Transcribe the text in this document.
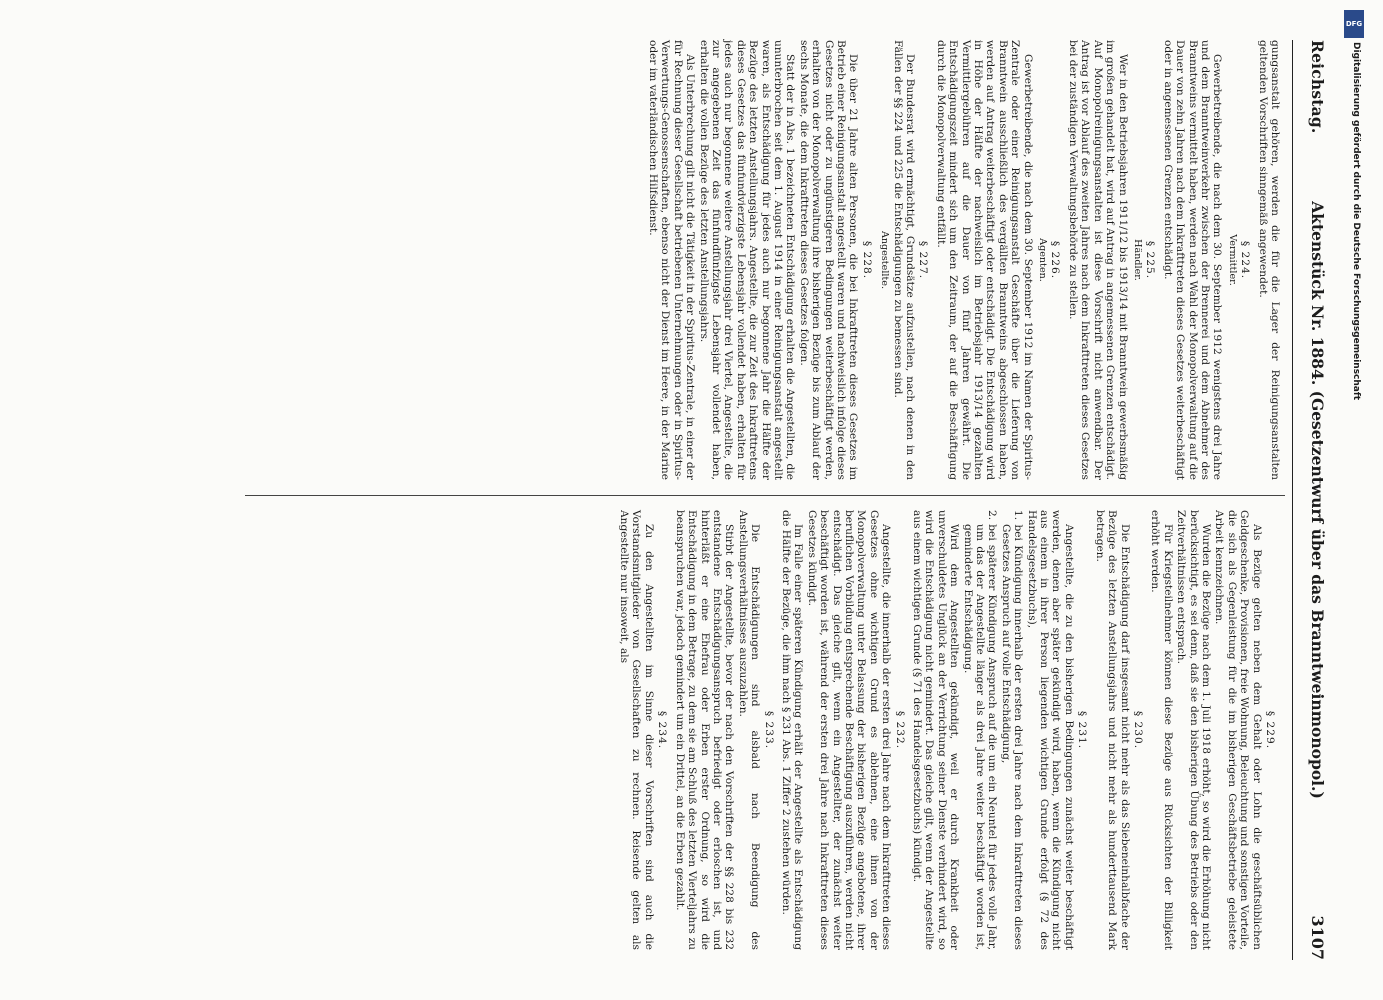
Reichstag.
Aktenstück Nr. 1884. (Gesetzentwurf über das Branntweinmonopol.)
3107

gungsanstalt gehören, werden die für die Lager der Reinigungsanstalten geltenden Vorschriften sinngemäß angewendet.

§ 224.
Vermittler.

Gewerbetreibende, die nach dem 30. September 1912 wenigstens drei Jahre und dem Branntweinverkehr zwischen der Brennerei und dem Abnehmer des Branntweins vermittelt haben, werden nach Wahl der Monopolverwaltung auf die Dauer von zehn Jahren nach dem Inkrafttreten dieses Gesetzes weiterbeschäftigt oder in angemessenen Grenzen entschädigt.

§ 225.
Händler.

Wer in den Betriebsjahren 1911/12 bis 1913/14 mit Branntwein gewerbsmäßig im großen gehandelt hat, wird auf Antrag in angemessenen Grenzen entschädigt. Auf Monopolreinigungsanstalten ist diese Vorschrift nicht anwendbar. Der Antrag ist vor Ablauf des zweiten Jahres nach dem Inkrafttreten dieses Gesetzes bei der zuständigen Verwaltungsbehörde zu stellen.

§ 226.
Agenten.

Gewerbetreibende, die nach dem 30. September 1912 im Namen der Spiritus-Zentrale oder einer Reinigungsanstalt Geschäfte über die Lieferung von Branntwein ausschließlich des vergällten Branntweins abgeschlossen haben, werden auf Antrag weiterbeschäftigt oder entschädigt. Die Entschädigung wird in Höhe der Hälfte der nachweislich im Betriebsjahr 1913/14 gezahlten Vermittlergebühren auf die Dauer von fünf Jahren gewährt. Die Entschädigungszeit mindert sich um den Zeitraum, der auf die Beschäftigung durch die Monopolverwaltung entfällt.

§ 227.

Der Bundesrat wird ermächtigt, Grundsätze aufzustellen, nach denen in den Fällen der §§ 224 und 225 die Entschädigungen zu bemessen sind.

Angestellte.
§ 228.

Die über 21 Jahre alten Personen, die bei Inkrafttreten dieses Gesetzes im Betrieb einer Reinigungsanstalt angestellt waren und nachweislich infolge dieses Gesetzes nicht oder zu ungünstigeren Bedingungen weiterbeschäftigt werden, erhalten von der Monopolverwaltung ihre bisherigen Bezüge bis zum Ablauf der sechs Monate, die dem Inkrafttreten dieses Gesetzes folgen.

Statt der in Abs. 1 bezeichneten Entschädigung erhalten die Angestellten, die ununterbrochen seit dem 1. August 1914 in einer Reinigungsanstalt angestellt waren, als Entschädigung für jedes auch nur begonnene Jahr die Hälfte der Bezüge des letzten Anstellungsjahrs. Angestellte, die zur Zeit des Inkrafttretens dieses Gesetzes das fünfundvierzigste Lebensjahr vollendet haben, erhalten für jedes auch nur begonnene weitere Anstellungsjahr drei Viertel, Angestellte, die zur angegebenen Zeit das fünfundfünfzigste Lebensjahr vollendet haben, erhalten die vollen Bezüge des letzten Anstellungsjahrs.

Als Unterbrechung gilt nicht die Tätigkeit in der Spiritus-Zentrale, in einer der für Rechnung dieser Gesellschaft betriebenen Unternehmungen oder in Spiritus-Verwertungs-Genossenschaften, ebenso nicht der Dienst im Heere, in der Marine oder im vaterländischen Hilfsdienst.

§ 229.

Als Bezüge gelten neben dem Gehalt oder Lohn die geschäftsüblichen Geldgeschenke, Provisionen, freie Wohnung, Beleuchtung und sonstigen Vorteile, die sich als Gegenleistung für die im bisherigen Geschäftsbetriebe geleistete Arbeit kennzeichnen.

Wurden die Bezüge nach dem 1. Juli 1918 erhöht, so wird die Erhöhung nicht berücksichtigt, es sei denn, daß sie den bisherigen Übung des Betriebs oder den Zeitverhältnissen entsprach.

Für Kriegsteilnehmer können diese Bezüge aus Rücksichten der Billigkeit erhöht werden.

§ 230.

Die Entschädigung darf insgesamt nicht mehr als das Siebeneinhalbfache der Bezüge des letzten Anstellungsjahrs und nicht mehr als hunderttausend Mark betragen.

§ 231.

Angestellte, die zu den bisherigen Bedingungen zunächst weiter beschäftigt werden, denen aber später gekündigt wird, haben, wenn die Kündigung nicht aus einem in ihrer Person liegenden wichtigen Grunde erfolgt (§ 72 des Handelsgesetzbuchs),

1. bei Kündigung innerhalb der ersten drei Jahre nach dem Inkrafttreten dieses Gesetzes Anspruch auf volle Entschädigung,

2. bei späterer Kündigung Anspruch auf die um ein Neuntel für jedes volle Jahr, um das der Angestellte länger als drei Jahre weiter beschäftigt worden ist, geminderte Entschädigung.

Wird dem Angestellten gekündigt, weil er durch Krankheit oder unverschuldetes Unglück an der Verrichtung seiner Dienste verhindert wird, so wird die Entschädigung nicht gemindert. Das gleiche gilt, wenn der Angestellte aus einem wichtigen Grunde (§ 71 des Handelsgesetzbuchs) kündigt.

§ 232.

Angestellte, die innerhalb der ersten drei Jahre nach dem Inkrafttreten dieses Gesetzes ohne wichtigen Grund es ablehnen, eine ihnen von der Monopolverwaltung unter Belassung der bisherigen Bezüge angebotene, ihrer beruflichen Vorbildung entsprechende Beschäftigung auszuführen, werden nicht entschädigt. Das gleiche gilt, wenn ein Angestellter, der zunächst weiter beschäftigt worden ist, während der ersten drei Jahre nach Inkrafttreten dieses Gesetzes kündigt.

Im Falle einer späteren Kündigung erhält der Angestellte als Entschädigung die Hälfte der Bezüge, die ihm nach § 231 Abs. 1 Ziffer 2 zustehen würden.

§ 233.

Die Entschädigungen sind alsbald nach Beendigung des Anstellungsverhältnisses auszuzahlen.

Stirbt der Angestellte, bevor der nach den Vorschriften der §§ 228 bis 232 entstandene Entschädigungsanspruch befriedigt oder erloschen ist, und hinterläßt er eine Ehefrau oder Erben erster Ordnung, so wird die Entschädigung in dem Betrage, zu dem sie am Schluß des letzten Vierteljahrs zu beanspruchen war, jedoch gemindert um ein Drittel, an die Erben gezahlt.

§ 234.

Zu den Angestellten im Sinne dieser Vorschriften sind auch die Vorstandsmitglieder von Gesellschaften zu rechnen. Reisende gelten als Angestellte nur insoweit, als

DFG
Digitalisierung gefördert durch die Deutsche Forschungsgemeinschaft
